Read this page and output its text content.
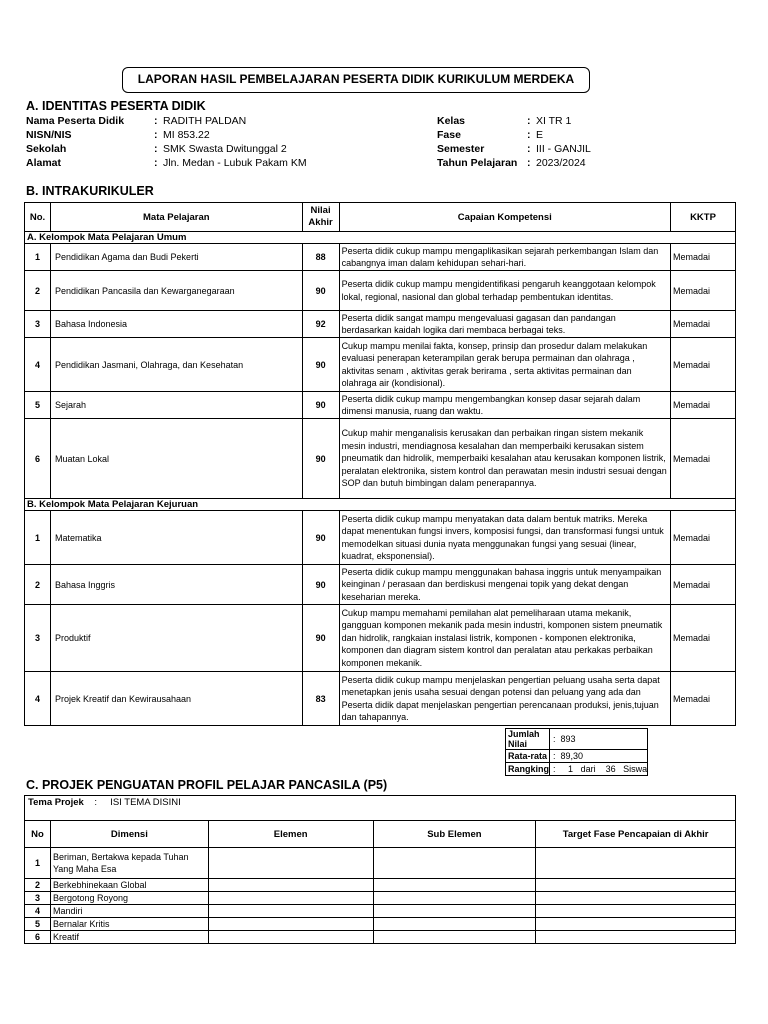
LAPORAN HASIL PEMBELAJARAN PESERTA DIDIK KURIKULUM MERDEKA
A. IDENTITAS PESERTA DIDIK
Nama Peserta Didik	: RADITH PALDAN
NISN/NIS	: MI 853.22
Sekolah	: SMK Swasta Dwitunggal 2
Alamat	: Jln. Medan - Lubuk Pakam KM
Kelas	: XI TR 1
Fase	: E
Semester	: III - GANJIL
Tahun Pelajaran : 2023/2024
B. INTRAKURIKULER
No.	Mata Pelajaran	Nilai Akhir	Capaian Kompetensi	KKTP
A. Kelompok Mata Pelajaran Umum				
1	Pendidikan Agama dan Budi Pekerti	88	Peserta didik cukup mampu mengaplikasikan sejarah perkembangan Islam dan cabangnya iman dalam kehidupan sehari-hari.	Memadai
2	Pendidikan Pancasila dan Kewarganegaraan	90	Peserta didik cukup mampu mengidentifikasi pengaruh keanggotaan kelompok lokal, regional, nasional dan global terhadap pembentukan identitas.	Memadai
3	Bahasa Indonesia	92	Peserta didik sangat mampu mengevaluasi gagasan dan pandangan berdasarkan kaidah logika dari membaca berbagai teks.	Memadai
4	Pendidikan Jasmani, Olahraga, dan Kesehatan	90	Cukup mampu menilai fakta, konsep, prinsip dan prosedur dalam melakukan evaluasi penerapan keterampilan gerak berupa permainan dan olahraga , aktivitas senam , aktivitas gerak berirama , serta aktivitas permainan dan olahraga air (kondisional).	Memadai
5	Sejarah	90	Peserta didik cukup mampu mengembangkan konsep dasar sejarah dalam dimensi manusia, ruang dan waktu.	Memadai
6	Muatan Lokal	90	Cukup mahir menganalisis kerusakan dan perbaikan ringan sistem mekanik mesin industri, mendiagnosa kesalahan dan memperbaiki kerusakan sistem pneumatik dan hidrolik, memperbaiki kesalahan atau kerusakan komponen listrik, peralatan elektronika, sistem kontrol dan perawatan mesin industri sesuai dengan SOP dan butuh bimbingan dalam penerapannya.	Memadai
B. Kelompok Mata Pelajaran Kejuruan				
1	Matematika	90	Peserta didik cukup mampu menyatakan data dalam bentuk matriks. Mereka dapat menentukan fungsi invers, komposisi fungsi, dan transformasi fungsi untuk memodelkan situasi dunia nyata menggunakan fungsi yang sesuai (linear, kuadrat, eksponensial).	Memadai
2	Bahasa Inggris	90	Peserta didik cukup mampu menggunakan bahasa inggris untuk menyampaikan keinginan / perasaan dan berdiskusi mengenai topik yang dekat dengan keseharian mereka.	Memadai
3	Produktif	90	Cukup mampu memahami pemilahan alat pemeliharaan utama mekanik, gangguan komponen mekanik pada mesin industri, komponen sistem pneumatik dan hidrolik, rangkaian instalasi listrik, komponen - komponen elektronika, komponen dan diagram sistem kontrol dan peralatan atau perkakas perbaikan komponen mekanik.	Memadai
4	Projek Kreatif dan Kewirausahaan	83	Peserta didik cukup mampu menjelaskan pengertian peluang usaha serta dapat menetapkan jenis usaha sesuai dengan potensi dan peluang yang ada dan Peserta didik dapat menjelaskan pengertian perencanaan produksi, jenis,tujuan dan tahapannya.	Memadai
Jumlah Nilai	:  893
Rata-rata	:  89,30
Rangking	:     1 dari 36 Siswa
C. PROJEK PENGUATAN PROFIL PELAJAR PANCASILA (P5)
Tema Projek    :     ISI TEMA DISINI				
No	Dimensi	Elemen	Sub Elemen	Target Fase Pencapaian di Akhir
1	Beriman, Bertakwa kepada Tuhan Yang Maha Esa			
2	Berkebhinekaan Global			
3	Bergotong Royong			
4	Mandiri			
5	Bernalar Kritis			
6	Kreatif			
